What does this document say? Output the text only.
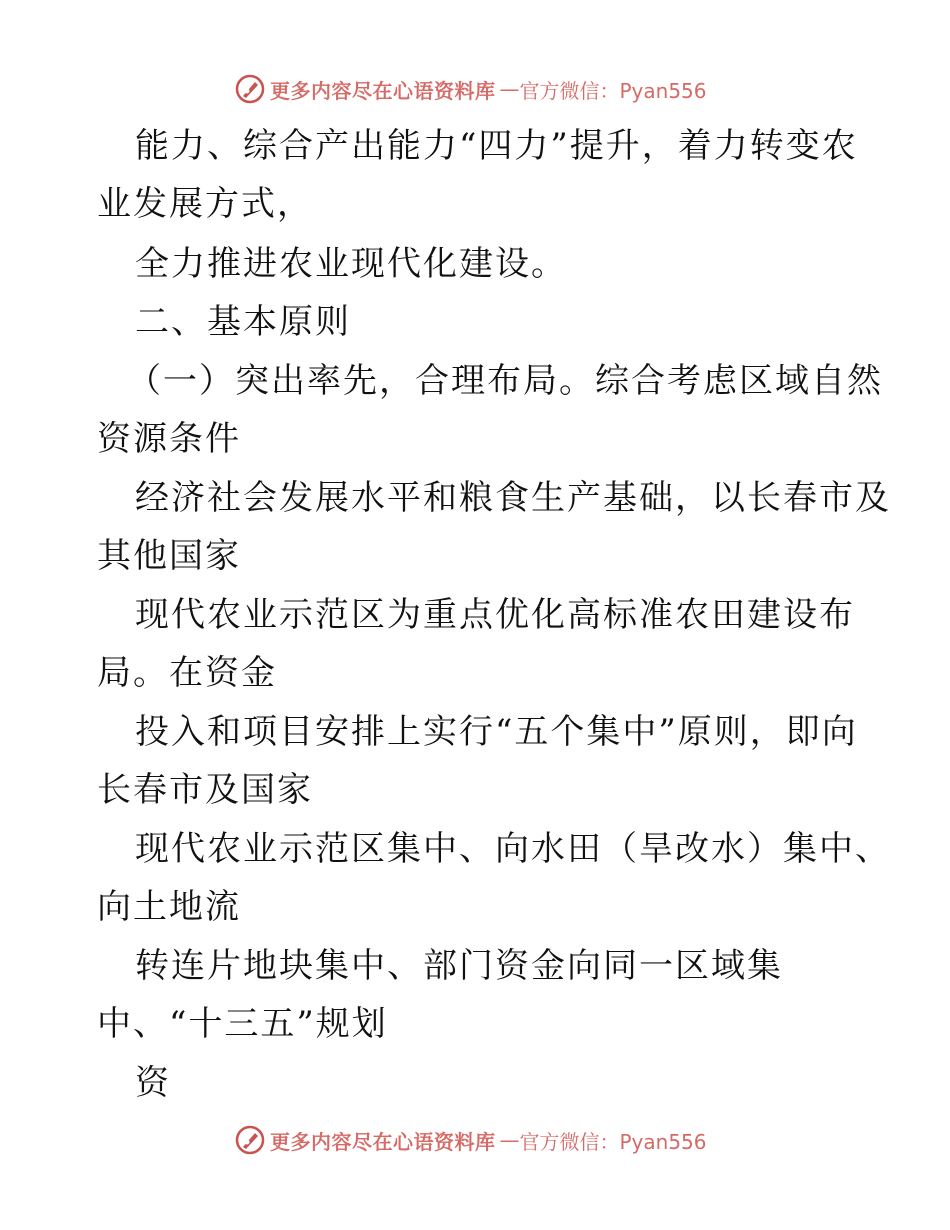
更多内容尽在心语资料库 — 官方微信：Pyan556
能力、综合产出能力“四力”提升，着力转变农
业发展方式，
全力推进农业现代化建设。
二、基本原则
（一）突出率先，合理布局。综合考虑区域自然
资源条件
经济社会发展水平和粮食生产基础，以长春市及
其他国家
现代农业示范区为重点优化高标准农田建设布
局。在资金
投入和项目安排上实行“五个集中”原则，即向
长春市及国家
现代农业示范区集中、向水田（旱改水）集中、
向土地流
转连片地块集中、部门资金向同一区域集
中、“十三五”规划
资
更多内容尽在心语资料库 — 官方微信：Pyan556
